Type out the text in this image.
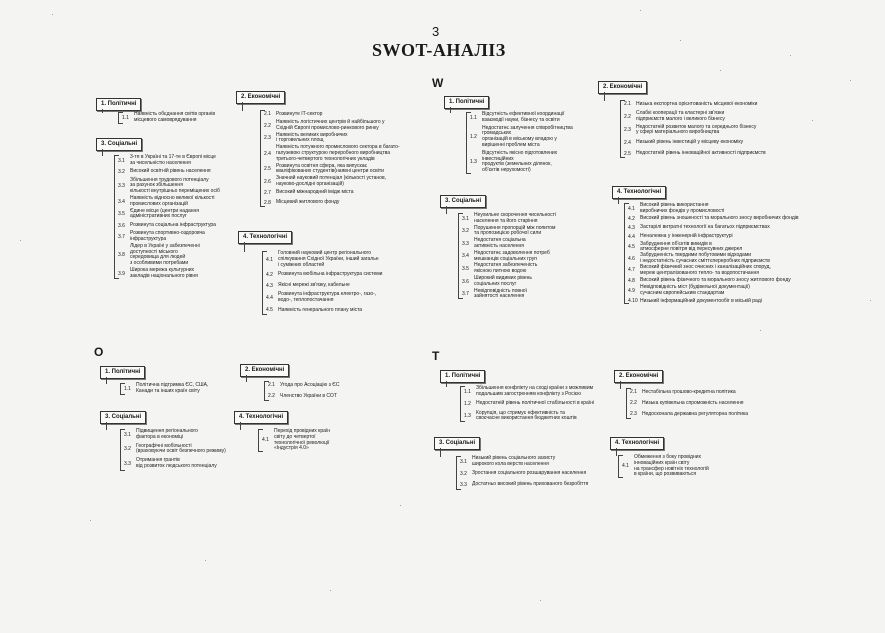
3
SWOT-АНАЛІЗ
W
O	T
1. Політичні
1.1
Наявність обєднання світів органів
місцевого самоврядування
2. Економічні
2.1	Розвинуте IT-сектор
2.2
Наявність логістичних центрів й найбільшого у
Східній Європі промислово-ринкового ринку
2.3
Наявність великих виробничих
і торговельних площ
2.4
Наявність потужного промислового сектора в багато-
галузевою структурою переробного виробництва
третього-четвертого технологічних укладів
2.5
Розвинута освітня сфера, яка випускає
кваліфікованих студентів(наявні центри освіти
2.6
Значний науковий потенціал (кількості установ,
науково-дослідні організацій)
2.7	Високий міжнародний імідж міста
2.8	Місцевий житлового фонду
3. Соціальні
3.1
3-тя в Україні та 17-те в Європі місце
за чисельністю населення
3.2	Високий освітній рівень населення
3.3
Збільшення трудового потенціалу
за рахунок збільшення
кількості внутрішньо переміщених осіб
3.4
Наявність відносно великої кількості
промислових організацій
3.5
Єдине місце (центри надання
адміністративних послуг
3.6	Розвинута соціальна інфраструктура
3.7
Розвинута спортивно-оздоровча
інфраструктура
3.8
Лідер в Україні у забезпеченні
доступності міського
середовища для людей
з особливими потребами
3.9
Широка мережа культурних
закладів національного рівня
4. Технологічні
4.1
Головний науковий центр регіонального
спілкування Східної України, інший загальн
і суміжних областей
4.2	Розвинута мобільна інфраструктура системи
4.3	Якісні мережі зв'язку, кабельне
4.4
Розвинута інфраструктура електро-, газо-,
водо-, теплопостачання
4.5	Наявність генерального плану міста
1. Політичні
1.1
Відсутність ефективної координації
взаємодії науки, бізнесу та освіти
1.2
Недостатнє залучення співробітництва
громадських
організацій в міському владою у
вирішенні проблем міста
1.3
Відсутність якісно підготовлених
інвестиційних
продуктів (земельних ділянок,
об'єктів нерухомості)
2. Економічні
2.1	Низька експортна орієнтованість місцевої економіки
2.2
Слабкі кооперації та кластерні зв'язки
підприємств малого і великого бізнесу
2.3
Недостатній розвиток малого та середнього бізнесу
у сфері матеріального виробництва
2.4	Низький рівень інвестицій у місцеву економіку
2.5	Недостатній рівень інноваційної активності підприємств
3. Соціальні
3.1
Неухильне скорочення чисельності
населення та його старіння
3.2
Порушення пропорцій між попитом
та пропозицією робочої сили
3.3
Недостатня соціальна
активність населення
3.4
Недостатнє задоволення потреб
мешканців соціальних груп
3.5
Недостатня забезпеченість
якісною питною водою
3.6
Широкий видимих рівень
соціальних послуг
3.7
Невідповідність повної
зайнятості населення
4. Технологічні
4.1
Високий рівень використання
виробничих фондів у промисловості
4.2	Високий рівень зношеності та морального зносу виробничих фондів
4.3	Застарілі витратні технології на багатьох підприємствах
4.4	Неналежна у інженерній інфраструктурі
4.5
Забруднення об'єктів викидів в
атмосферне повітря від пересувних джерел
4.6
Забрудненість твердими побутовими відходами
і недостатність сучасних сміттєпереробних підприємств
4.7
Високий фізичний знос очисних і каналізаційних споруд,
мереж централізованого тепло- та водопостачання
4.8	Високий рівень фізичного та морального зносу житлового фонду
4.9
Невідповідність міст (будівельної документації)
сучасним європейським стандартам
4.10 Низький інформаційний документообіг в міській раді
1. Політичні
1.1
Політична підтримка ЄС, США,
Канади та інших країн світу
2. Економічні
2.1	Угода про Асоціацію з ЄС
2.2	Членство України в СОТ
3. Соціальні
3.1
Підвищення регіонального
фактора в економіці
3.2
Географічні мобільності
(враховуючи освіт безпечного режиму)
3.3
Отримання грантів
від розвиток людського потенціалу
4. Технологічні
4.1
Перехід провідних країн
світу до четвертої
технологічної революції
«Індустрія 4.0»
1. Політичні
1.1
Збільшення конфлікту на сході країни з можливим
подальшим загостренням конфлікту з Росією
1.2	Недостатній рівень політичної стабільності в країні
1.3
Корупція, що стримує ефективність та
своєчасне використання бюджетних коштів
2. Економічні
2.1	Нестабільна грошово-кредитна політика
2.2	Низька купівельна спроможність населення
2.3	Недосконала державна регуляторна політика
3. Соціальні
3.1
Низький рівень соціального захисту
широкого кола верств населення
3.2	Зростання соціального розшарування населення
3.3	Достатньо високий рівень прихованого безробіття
4. Технологічні
4.1
Обмеження з боку провідних
інноваційних країн світу
на трансфер новітніх технологій
в країни, що розвиваються
